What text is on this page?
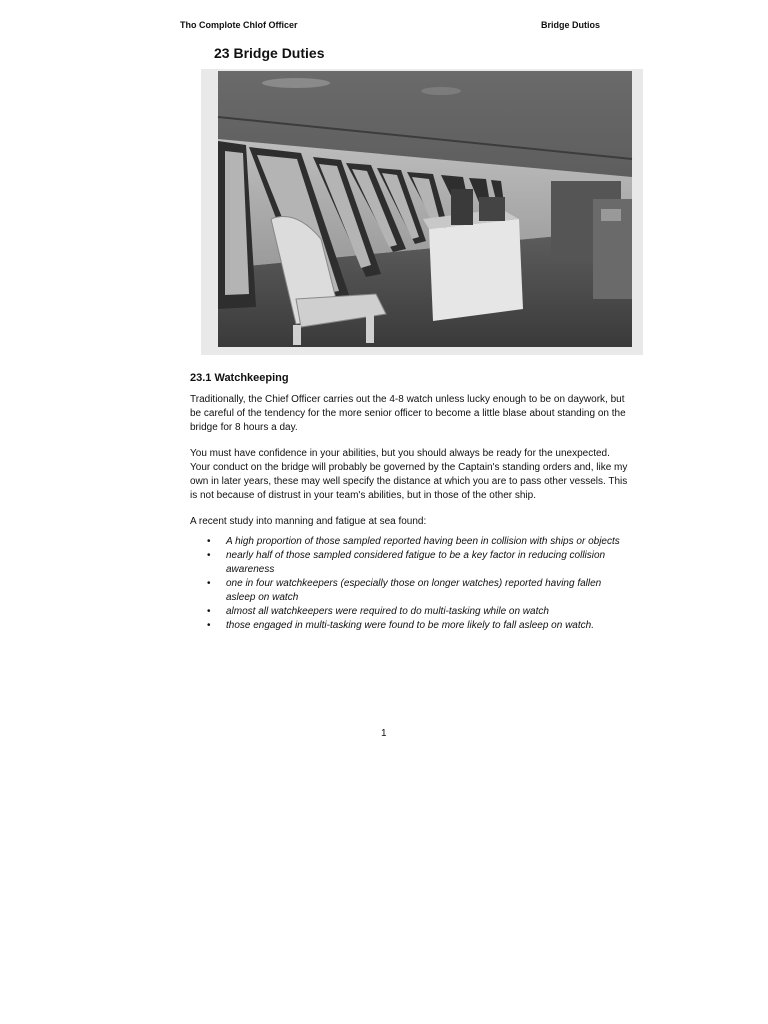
Tho Complote Chlof Officer	Bridge Dutios
23 Bridge Duties
23.1 Watchkeeping

Traditionally, the Chief Officer carries out the 4-8 watch unless lucky enough to be on daywork, but be careful of the tendency for the more senior officer to become a little blase about standing on the bridge for 8 hours a day.

You must have confidence in your abilities, but you should always be ready for the unexpected. Your conduct on the bridge will probably be governed by the Captain's standing orders and, like my own in later years, these may well specify the distance at which you are to pass other vessels. This is not because of distrust in your team's abilities, but in those of the other ship.

A recent study into manning and fatigue at sea found:

• A high proportion of those sampled reported having been in collision with ships or objects
• nearly half of those sampled considered fatigue to be a key factor in reducing collision awareness
• one in four watchkeepers (especially those on longer watches) reported having fallen asleep on watch
• almost all watchkeepers were required to do multi-tasking while on watch
• those engaged in multi-tasking were found to be more likely to fall asleep on watch.
1
